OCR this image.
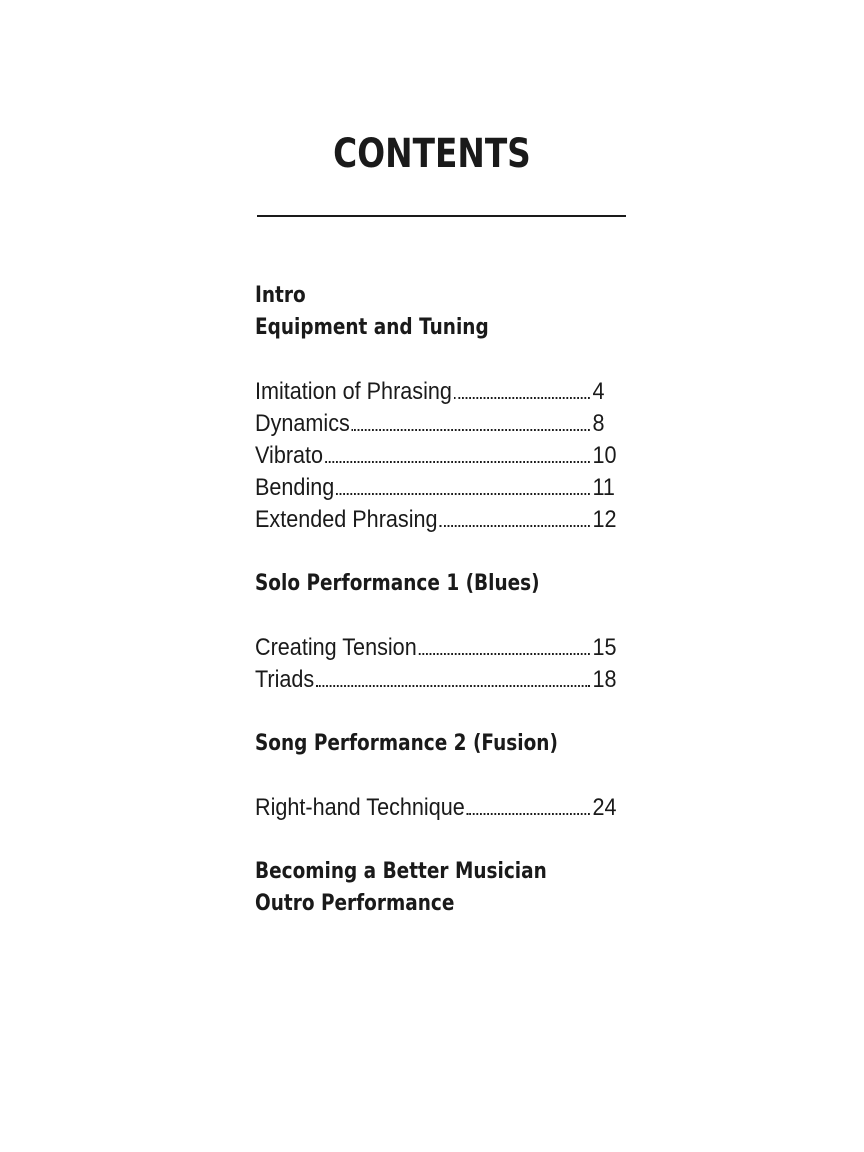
CONTENTS
Intro
Equipment and Tuning
Imitation of Phrasing	4
Dynamics	8
Vibrato	10
Bending	11
Extended Phrasing	12
Solo Performance 1 (Blues)
Creating Tension	15
Triads	18
Song Performance 2 (Fusion)
Right-hand Technique	24
Becoming a Better Musician
Outro Performance
